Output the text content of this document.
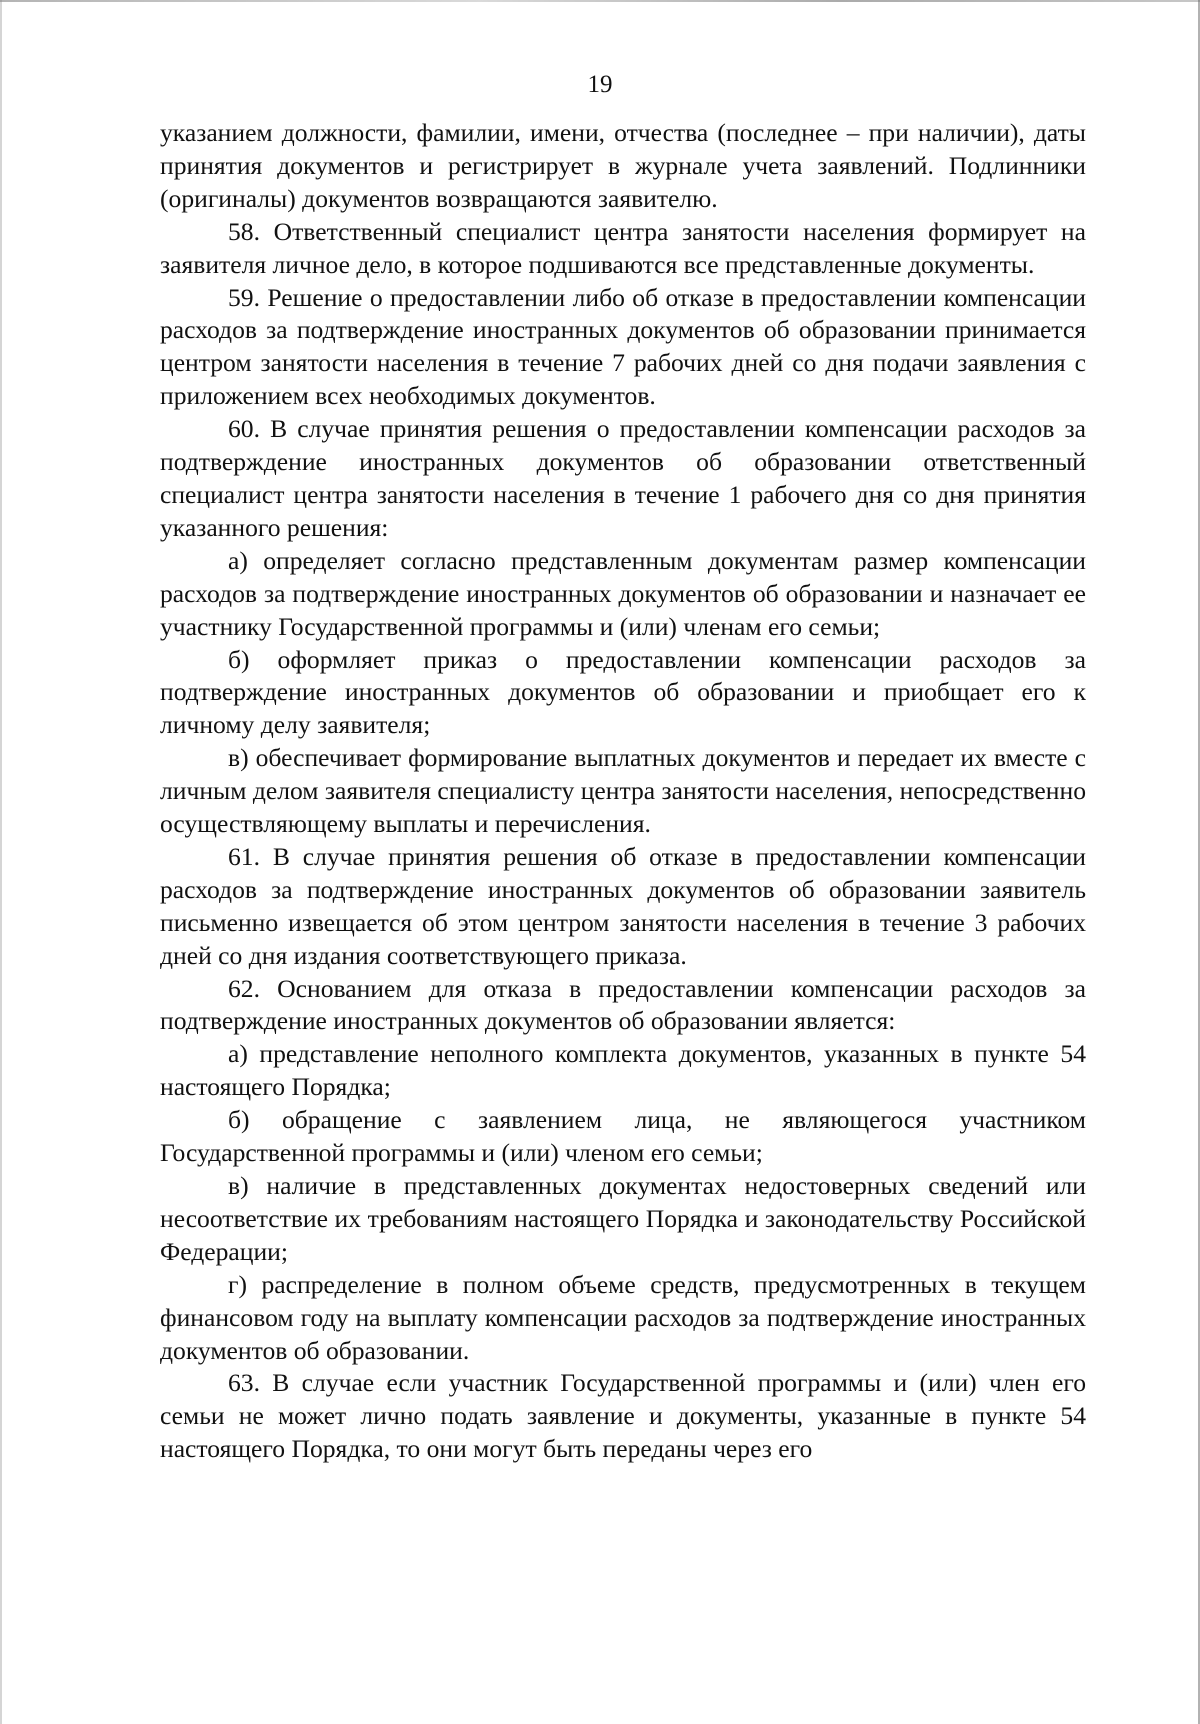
19

указанием должности, фамилии, имени, отчества (последнее – при наличии), даты принятия документов и регистрирует в журнале учета заявлений. Подлинники (оригиналы) документов возвращаются заявителю.

58. Ответственный специалист центра занятости населения формирует на заявителя личное дело, в которое подшиваются все представленные документы.

59. Решение о предоставлении либо об отказе в предоставлении компенсации расходов за подтверждение иностранных документов об образовании принимается центром занятости населения в течение 7 рабочих дней со дня подачи заявления с приложением всех необходимых документов.

60. В случае принятия решения о предоставлении компенсации расходов за подтверждение иностранных документов об образовании ответственный специалист центра занятости населения в течение 1 рабочего дня со дня принятия указанного решения:

а) определяет согласно представленным документам размер компенсации расходов за подтверждение иностранных документов об образовании и назначает ее участнику Государственной программы и (или) членам его семьи;

б) оформляет приказ о предоставлении компенсации расходов за подтверждение иностранных документов об образовании и приобщает его к личному делу заявителя;

в) обеспечивает формирование выплатных документов и передает их вместе с личным делом заявителя специалисту центра занятости населения, непосредственно осуществляющему выплаты и перечисления.

61. В случае принятия решения об отказе в предоставлении компенсации расходов за подтверждение иностранных документов об образовании заявитель письменно извещается об этом центром занятости населения в течение 3 рабочих дней со дня издания соответствующего приказа.

62. Основанием для отказа в предоставлении компенсации расходов за подтверждение иностранных документов об образовании является:

а) представление неполного комплекта документов, указанных в пункте 54 настоящего Порядка;

б) обращение с заявлением лица, не являющегося участником Государственной программы и (или) членом его семьи;

в) наличие в представленных документах недостоверных сведений или несоответствие их требованиям настоящего Порядка и законодательству Российской Федерации;

г) распределение в полном объеме средств, предусмотренных в текущем финансовом году на выплату компенсации расходов за подтверждение иностранных документов об образовании.

63. В случае если участник Государственной программы и (или) член его семьи не может лично подать заявление и документы, указанные в пункте 54 настоящего Порядка, то они могут быть переданы через его
